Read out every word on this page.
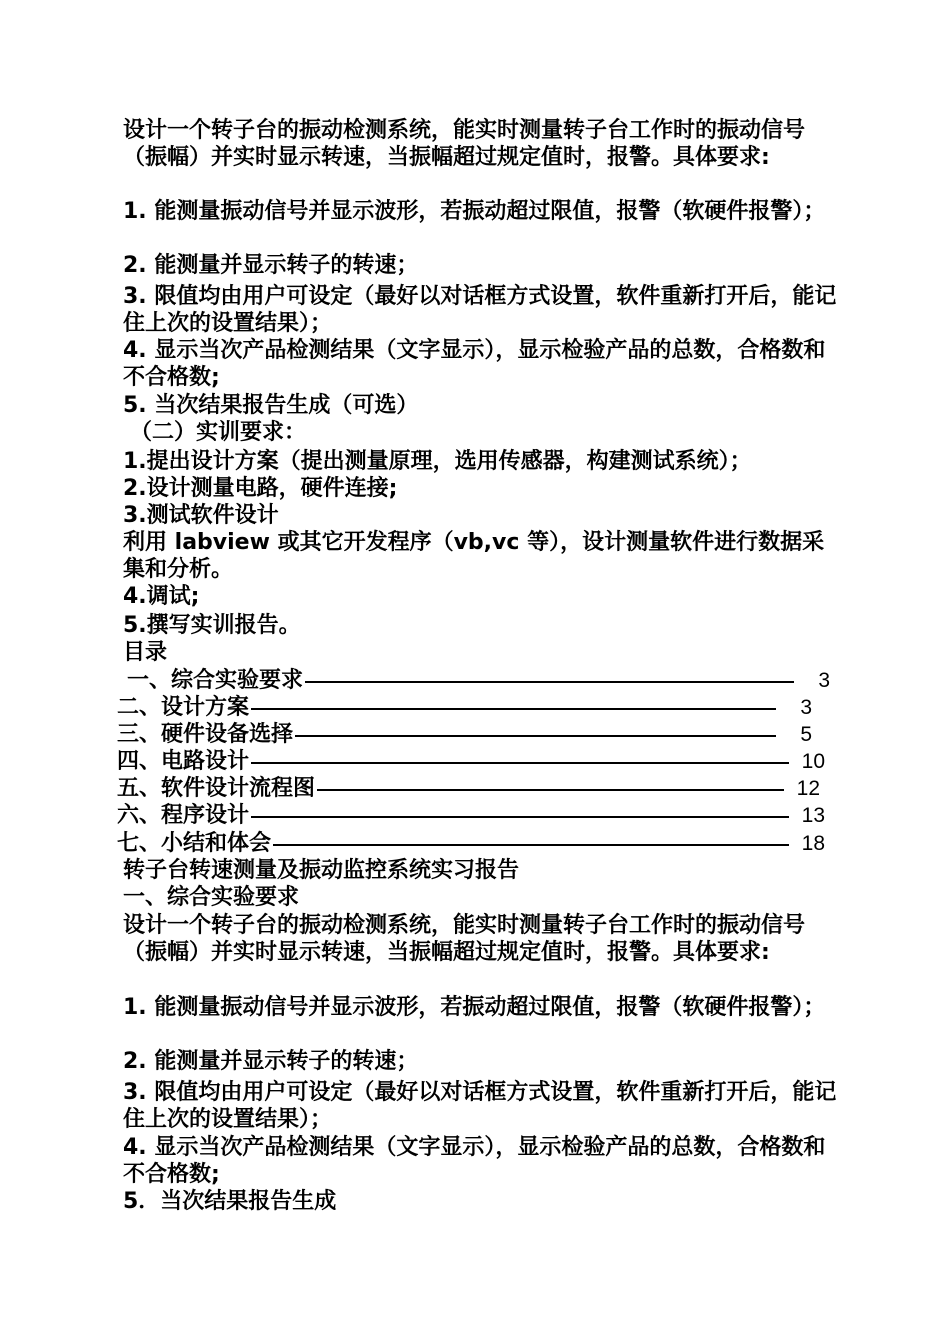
设计一个转子台的振动检测系统，能实时测量转子台工作时的振动信号（振幅）并实时显示转速，当振幅超过规定值时，报警。具体要求:

1. 能测量振动信号并显示波形，若振动超过限值，报警（软硬件报警）；

2. 能测量并显示转子的转速；

3. 限值均由用户可设定（最好以对话框方式设置，软件重新打开后，能记住上次的设置结果）；

4. 显示当次产品检测结果（文字显示），显示检验产品的总数，合格数和不合格数;

5. 当次结果报告生成（可选）

（二）实训要求：

1.提出设计方案（提出测量原理，选用传感器，构建测试系统）；

2.设计测量电路，硬件连接;

3.测试软件设计

利用 labview 或其它开发程序（vb,vc 等），设计测量软件进行数据采集和分析。

4.调试;

5.撰写实训报告。

目录

一、综合实验要求	3
二、设计方案	3
三、硬件设备选择	5
四、电路设计	10
五、软件设计流程图	12
六、程序设计	13
七、小结和体会	18

转子台转速测量及振动监控系统实习报告

一、综合实验要求

设计一个转子台的振动检测系统，能实时测量转子台工作时的振动信号（振幅）并实时显示转速，当振幅超过规定值时，报警。具体要求:

1. 能测量振动信号并显示波形，若振动超过限值，报警（软硬件报警）；

2. 能测量并显示转子的转速；

3. 限值均由用户可设定（最好以对话框方式设置，软件重新打开后，能记住上次的设置结果）；

4. 显示当次产品检测结果（文字显示），显示检验产品的总数，合格数和不合格数;

5．当次结果报告生成
